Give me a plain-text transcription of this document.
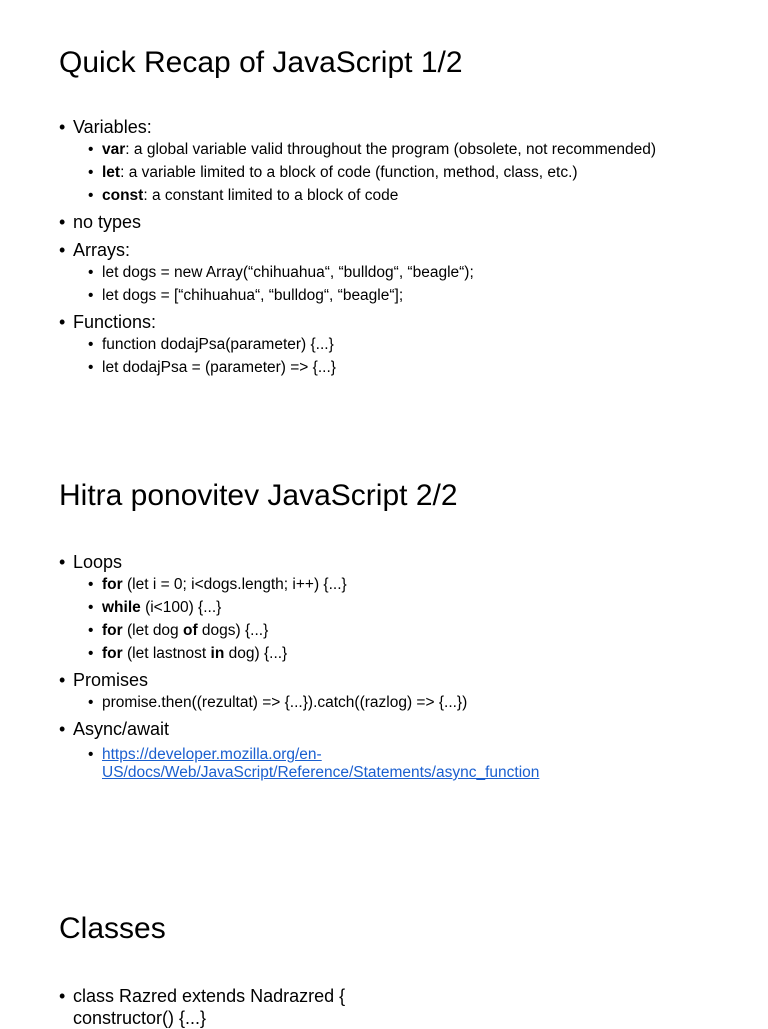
Quick Recap of JavaScript 1/2
• Variables:
• var: a global variable valid throughout the program (obsolete, not recommended)
• let: a variable limited to a block of code (function, method, class, etc.)
• const: a constant limited to a block of code
• no types
• Arrays:
• let dogs = new Array(“chihuahua“, “bulldog“, “beagle“);
• let dogs = [“chihuahua“, “bulldog“, “beagle“];
• Functions:
• function dodajPsa(parameter) {...}
• let dodajPsa = (parameter) => {...}
Hitra ponovitev JavaScript 2/2
• Loops
• for (let i = 0; i<dogs.length; i++) {...}
• while (i<100) {...}
• for (let dog of dogs) {...}
• for (let lastnost in dog) {...}
• Promises
• promise.then((rezultat) => {...}).catch((razlog) => {...})
• Async/await
• https://developer.mozilla.org/en-
US/docs/Web/JavaScript/Reference/Statements/async_function
Classes
• class Razred extends Nadrazred {
constructor() {...}
